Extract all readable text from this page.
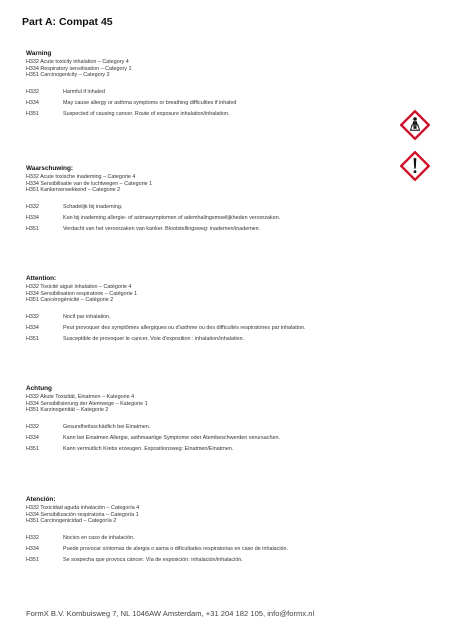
Part A: Compat 45
Warning
H332 Acute toxicity inhalation – Category 4
H334 Respiratory sensitisation – Category 1
H351 Carcinogenicity – Category 2
H332	Harmful if inhaled
H334	May cause allergy or asthma symptoms or breathing difficulties if inhaled
H351	Suspected of causing cancer. Route of exposure inhalation/inhalation.
Waarschuwing:
H332 Acute toxische inademing – Categorie 4
H334 Sensibilisatie van de luchtwegen – Categorie 1
H351 Kankerverwekkend – Categorie 2
H332	Schadelijk bij inademing.
H334	Kan bij inademing allergie- of astmasymptomen of ademhalingsmoeilijkheden veroorzaken.
H351	Verdacht van het veroorzaken van kanker. Blootstellingsweg: inademen/inademen.
Attention:
H332 Toxicité aiguë inhalation – Catégorie 4
H334 Sensibilisation respiratoire – Catégorie 1
H351 Cancérogènicité – Catégorie 2
H332	Nocif par inhalation.
H334	Peut provoquer des symptômes allergiques ou d'asthme ou des difficultés respiratoires par inhalation.
H351	Susceptible de provoquer le cancer. Voie d'exposition : inhalation/inhalation.
Achtung
H332 Akute Toxizität, Einatmen – Kategorie 4
H334 Sensibilisierung der Atemwege – Kategorie 1
H351 Karzinogenität – Kategorie 2
H332	Gesundheitsschädlich bei Einatmen.
H334	Kann bei Einatmen Allergie, asthmaartige Symptome oder Atembeschwerden verursachen.
H351	Kann vermutlich Krebs erzeugen. Expositionsweg: Einatmen/Einatmen.
Atención:
H332 Toxicidad aguda inhalación – Categoría 4
H334 Sensibilización respiratoria – Categoría 1
H351 Carcinogenicidad – Categoría 2
H332	Nocivo en caso de inhalación.
H334	Puede provocar síntomas de alergia o asma o dificultades respiratorias en caso de inhalación.
H351	Se sospecha que provoca cáncer. Vía de exposición: inhalación/inhalación.
FormX B.V. Kombuisweg 7, NL 1046AW Amsterdam, +31 204 182 105, info@formx.nl
